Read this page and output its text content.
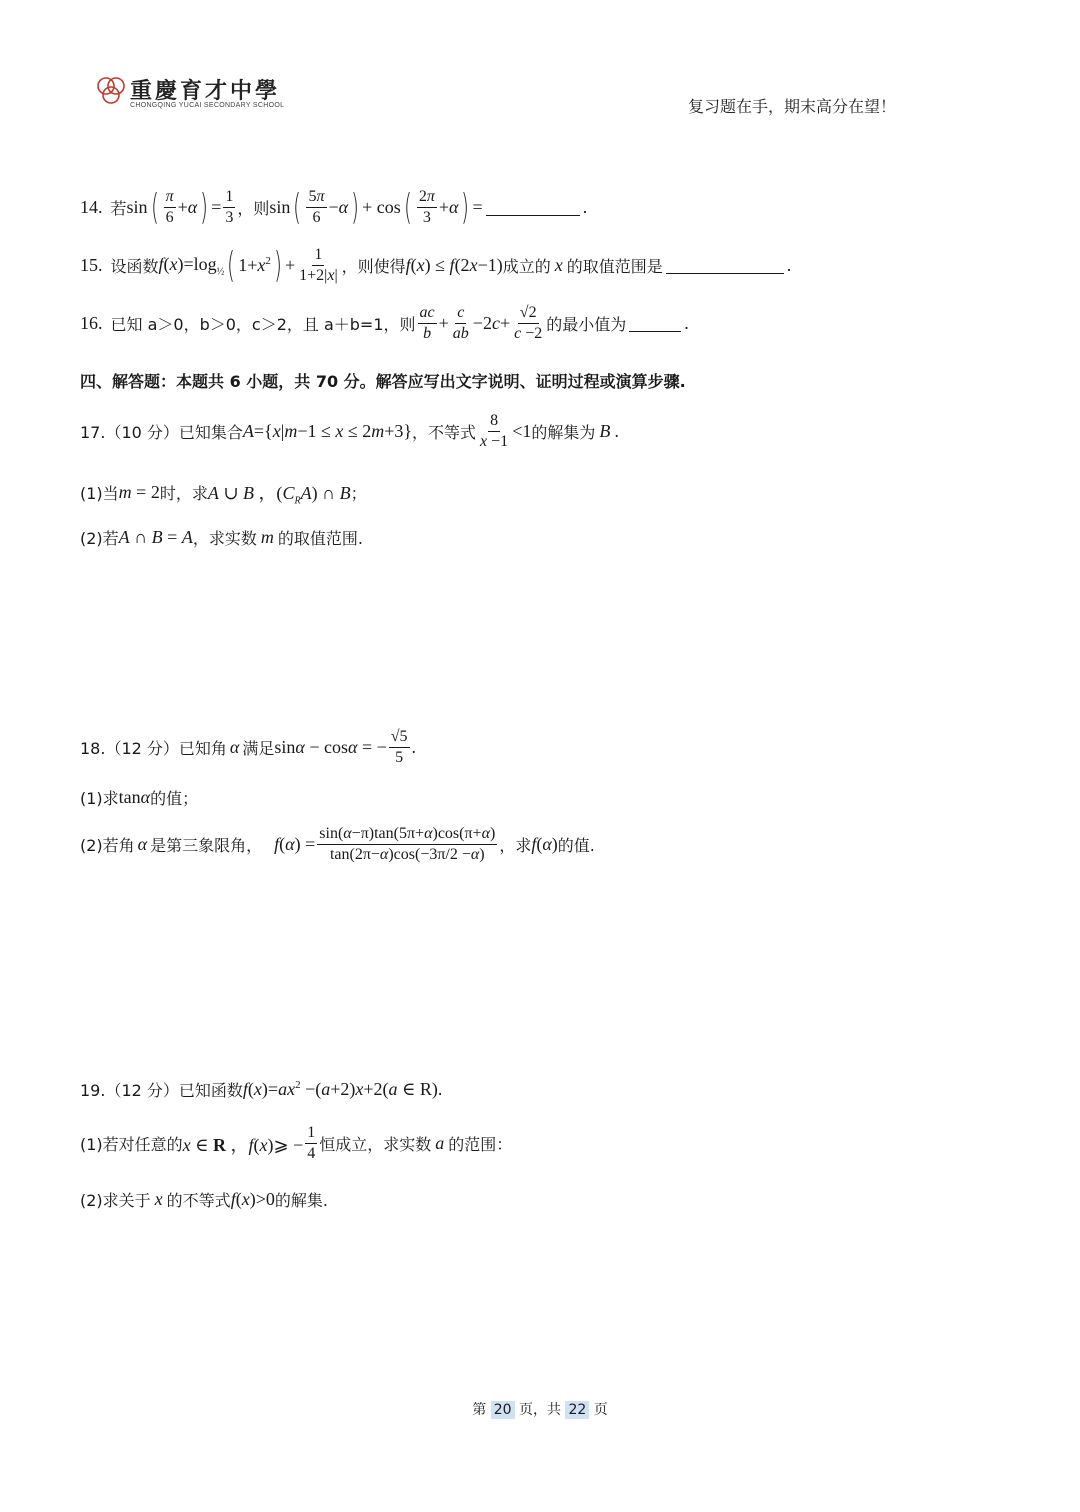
重慶育才中學
CHONGQING YUCAI SECONDARY SCHOOL	复习题在手，期末高分在望！
14. 若 sin ( $\frac{\pi}{6} +\alpha$ ) = $\frac{1}{3}$ ，则 sin ( $\frac{5\pi}{6} -\alpha$ ) + cos ( $\frac{2\pi}{3} +\alpha$ ) =	.
15. 设函数 $f(x)=\log_{\frac{1}{2}}$ ( $1+x^2$ ) + $\frac{1}{1+2|x|}$ ，则使得 f(x) ≤ f(2x−1) 成立的 x 的取值范围是	.
16. 已知 a＞0，b＞0，c＞2，且 a＋b=1，则 $\frac{ac}{b} + \frac{c}{ab} -2c+ \frac{√2}{c -2}$ 的最小值为	.
四、解答题：本题共 6 小题，共 70 分。解答应写出文字说明、证明过程或演算步骤.
17.（10 分）已知集合 A={x|m−1 ≤ x ≤ 2m+3} ，不等式 $\frac{8}{x -1} <1$ 的解集为 B .
(1)当 m = 2 时，求 A ∪ B ，$(C_RA)$ ∩ B ；
(2)若 A ∩ B = A ，求实数 m 的取值范围.
18.（12 分）已知角 α 满足 sinα − cosα = − $\frac{√5}{5}$ .
(1)求 tanα 的值；
(2)若角 α 是第三象限角， $f(\alpha) = \frac{\sin(\alpha-\pi)\tan(5\pi+\alpha)\cos(\pi+\alpha)}{\tan(2\pi-\alpha)\cos(-3\pi/2 -\alpha)}$ ，求 f(α) 的值.
19.（12 分）已知函数 $f(x)=ax^2 -(a+2)x+2(a$ ∈ R).
(1)若对任意的 x ∈ R ，f(x)⩾ − $\frac{1}{4}$ 恒成立，求实数 a 的范围：
(2)求关于 x 的不等式 f(x)>0 的解集.
第 20 页，共 22 页
